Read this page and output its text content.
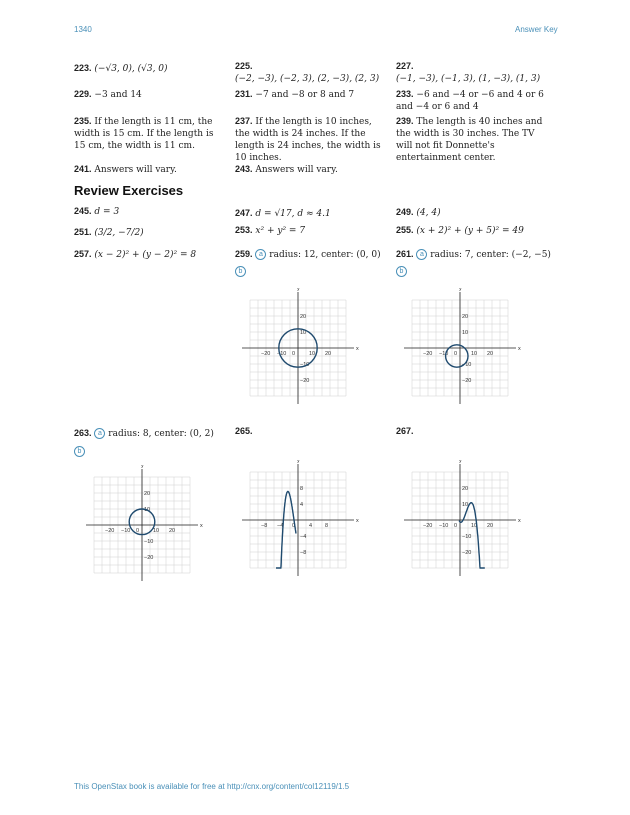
1340	Answer Key
223. (−√3, 0), (√3, 0)	225.
(−2, −3), (−2, 3), (2, −3), (2, 3)
227.
(−1, −3), (−1, 3), (1, −3), (1, 3)
229. −3 and 14	231. −7 and −8 or 8 and 7	233. −6 and −4 or −6 and 4 or 6 and −4 or 6 and 4
235. If the length is 11 cm, the width is 15 cm. If the length is 15 cm, the width is 11 cm.
237. If the length is 10 inches, the width is 24 inches. If the length is 24 inches, the width is 10 inches.
239. The length is 40 inches and the width is 30 inches. The TV will not fit Donnette's entertainment center.
241. Answers will vary.	243. Answers will vary.
Review Exercises
245. d = 3	247. d = √17, d ≈ 4.1	249. (4, 4)
251. (3/2, −7/2)	253. x² + y² = 7	255. (x + 2)² + (y + 5)² = 49
257. (x − 2)² + (y − 2)² = 8	259. a radius: 12, center: (0, 0) 261. a radius: 7, center: (−2, −5)
b	b
263. a radius: 8, center: (0, 2)
b
265.	267.
x
y
−20
−20
−10
−10
10
10
20
20
0
x
y
−20
−20
−10
−10
10
10
20
20
0
x
y
−20
−20
−10
−10
10
10
20
20
0
x
y
−8
−8
−4
−4
4
4
8
8
0
x
y
−20
−20
−10
−10
10
10
20
20
0
This OpenStax book is available for free at http://cnx.org/content/col12119/1.5
